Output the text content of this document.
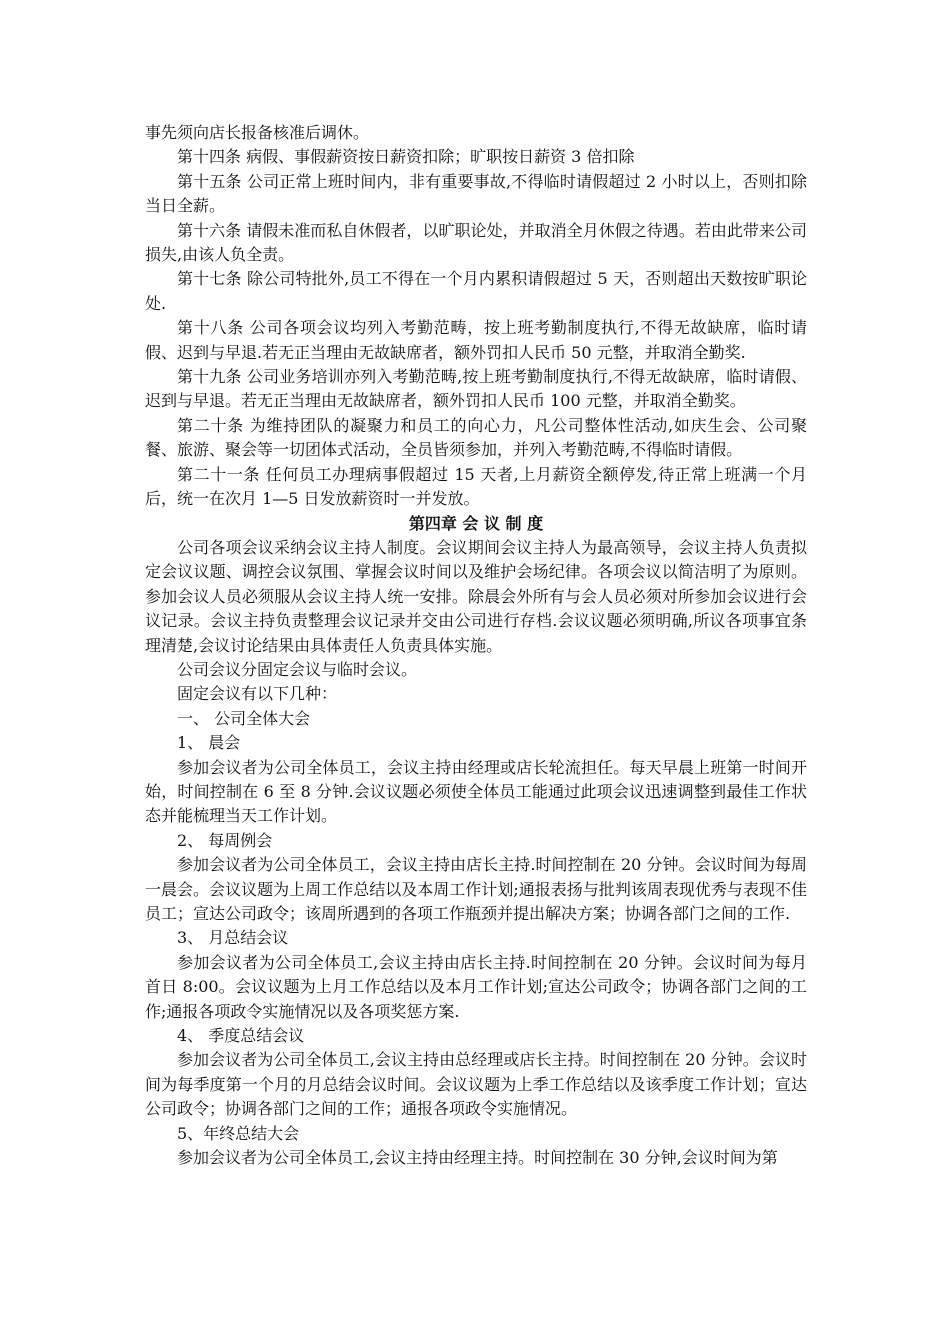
事先须向店长报备核准后调休。

第十四条 病假、事假薪资按日薪资扣除；旷职按日薪资 3 倍扣除

第十五条 公司正常上班时间内，非有重要事故,不得临时请假超过 2 小时以上，否则扣除当日全薪。

第十六条 请假未准而私自休假者，以旷职论处，并取消全月休假之待遇。若由此带来公司损失,由该人负全责。

第十七条 除公司特批外,员工不得在一个月内累积请假超过 5 天，否则超出天数按旷职论处.

第十八条 公司各项会议均列入考勤范畴，按上班考勤制度执行,不得无故缺席，临时请假、迟到与早退.若无正当理由无故缺席者，额外罚扣人民币 50 元整，并取消全勤奖.

第十九条 公司业务培训亦列入考勤范畴,按上班考勤制度执行,不得无故缺席，临时请假、迟到与早退。若无正当理由无故缺席者，额外罚扣人民币 100 元整，并取消全勤奖。

第二十条 为维持团队的凝聚力和员工的向心力，凡公司整体性活动,如庆生会、公司聚餐、旅游、聚会等一切团体式活动，全员皆须参加，并列入考勤范畴,不得临时请假。

第二十一条 任何员工办理病事假超过 15 天者,上月薪资全额停发,待正常上班满一个月后，统一在次月 1—5 日发放薪资时一并发放。

第四章 会 议 制 度

公司各项会议采纳会议主持人制度。会议期间会议主持人为最高领导，会议主持人负责拟定会议议题、调控会议氛围、掌握会议时间以及维护会场纪律。各项会议以简洁明了为原则。参加会议人员必须服从会议主持人统一安排。除晨会外所有与会人员必须对所参加会议进行会议记录。会议主持负责整理会议记录并交由公司进行存档.会议议题必须明确,所议各项事宜条理清楚,会议讨论结果由具体责任人负责具体实施。

公司会议分固定会议与临时会议。

固定会议有以下几种：

一、 公司全体大会

1、 晨会

参加会议者为公司全体员工，会议主持由经理或店长轮流担任。每天早晨上班第一时间开始，时间控制在 6 至 8 分钟.会议议题必须使全体员工能通过此项会议迅速调整到最佳工作状态并能梳理当天工作计划。

2、 每周例会

参加会议者为公司全体员工，会议主持由店长主持.时间控制在 20 分钟。会议时间为每周一晨会。会议议题为上周工作总结以及本周工作计划;通报表扬与批判该周表现优秀与表现不佳员工；宣达公司政令；该周所遇到的各项工作瓶颈并提出解决方案；协调各部门之间的工作.

3、 月总结会议

参加会议者为公司全体员工,会议主持由店长主持.时间控制在 20 分钟。会议时间为每月首日 8:00。会议议题为上月工作总结以及本月工作计划;宣达公司政令；协调各部门之间的工作;通报各项政令实施情况以及各项奖惩方案.

4、 季度总结会议

参加会议者为公司全体员工,会议主持由总经理或店长主持。时间控制在 20 分钟。会议时间为每季度第一个月的月总结会议时间。会议议题为上季工作总结以及该季度工作计划；宣达公司政令；协调各部门之间的工作；通报各项政令实施情况。

5、年终总结大会

参加会议者为公司全体员工,会议主持由经理主持。时间控制在 30 分钟,会议时间为第
